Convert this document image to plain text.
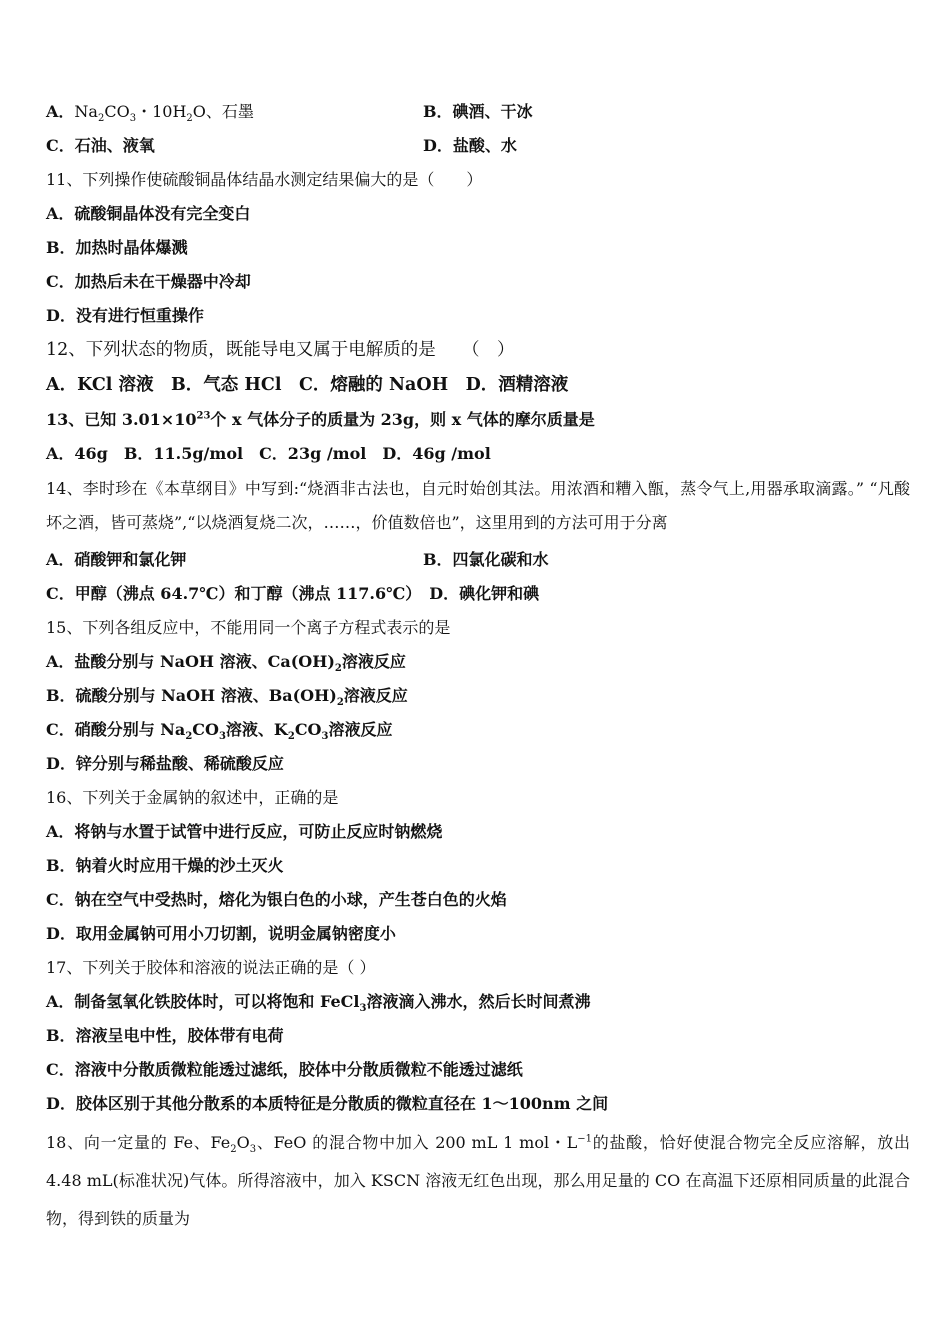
A．$Na_2CO_3$・$10H_2O$、石墨	B．碘酒、干冰
C．石油、液氧	D．盐酸、水
11、下列操作使硫酸铜晶体结晶水测定结果偏大的是（　　）
A．硫酸铜晶体没有完全变白
B．加热时晶体爆溅
C．加热后未在干燥器中冷却
D．没有进行恒重操作
12、下列状态的物质，既能导电又属于电解质的是　　（　）
A．KCl 溶液　B．气态 HCl　C．熔融的 NaOH　D．酒精溶液
13、已知 $3.01\times 10^{23}$个 x 气体分子的质量为 23g，则 x 气体的摩尔质量是
A．46g　B．11.5g/mol　C．23g /mol　D．46g /mol
14、李时珍在《本草纲目》中写到:“烧酒非古法也，自元时始创其法。用浓酒和糟入甑，蒸令气上,用器承取滴露。” “凡酸坏之酒，皆可蒸烧”,“以烧酒复烧二次，……，价值数倍也”，这里用到的方法可用于分离
A．硝酸钾和氯化钾	B．四氯化碳和水
C．甲醇（沸点 64.7℃）和丁醇（沸点 117.6℃）　D．碘化钾和碘
15、下列各组反应中，不能用同一个离子方程式表示的是
A．盐酸分别与 NaOH 溶液、$Ca(OH)_2$溶液反应
B．硫酸分别与 NaOH 溶液、$Ba(OH)_2$溶液反应
C．硝酸分别与 $Na_2CO_3$溶液、$K_2CO_3$溶液反应
D．锌分别与稀盐酸、稀硫酸反应
16、下列关于金属钠的叙述中，正确的是
A．将钠与水置于试管中进行反应，可防止反应时钠燃烧
B．钠着火时应用干燥的沙土灭火
C．钠在空气中受热时，熔化为银白色的小球，产生苍白色的火焰
D．取用金属钠可用小刀切割，说明金属钠密度小
17、下列关于胶体和溶液的说法正确的是（ ）
A．制备氢氧化铁胶体时，可以将饱和 FeCl$_3$溶液滴入沸水，然后长时间煮沸
B．溶液呈电中性，胶体带有电荷
C．溶液中分散质微粒能透过滤纸，胶体中分散质微粒不能透过滤纸
D．胶体区别于其他分散系的本质特征是分散质的微粒直径在 1～100nm 之间
18、向一定量的 Fe、$Fe_2O_3$、FeO 的混合物中加入 200 mL 1 mol・$L^{-1}$的盐酸，恰好使混合物完全反应溶解，放出 4.48 mL(标准状况)气体。所得溶液中，加入 KSCN 溶液无红色出现，那么用足量的 CO 在高温下还原相同质量的此混合物，得到铁的质量为
